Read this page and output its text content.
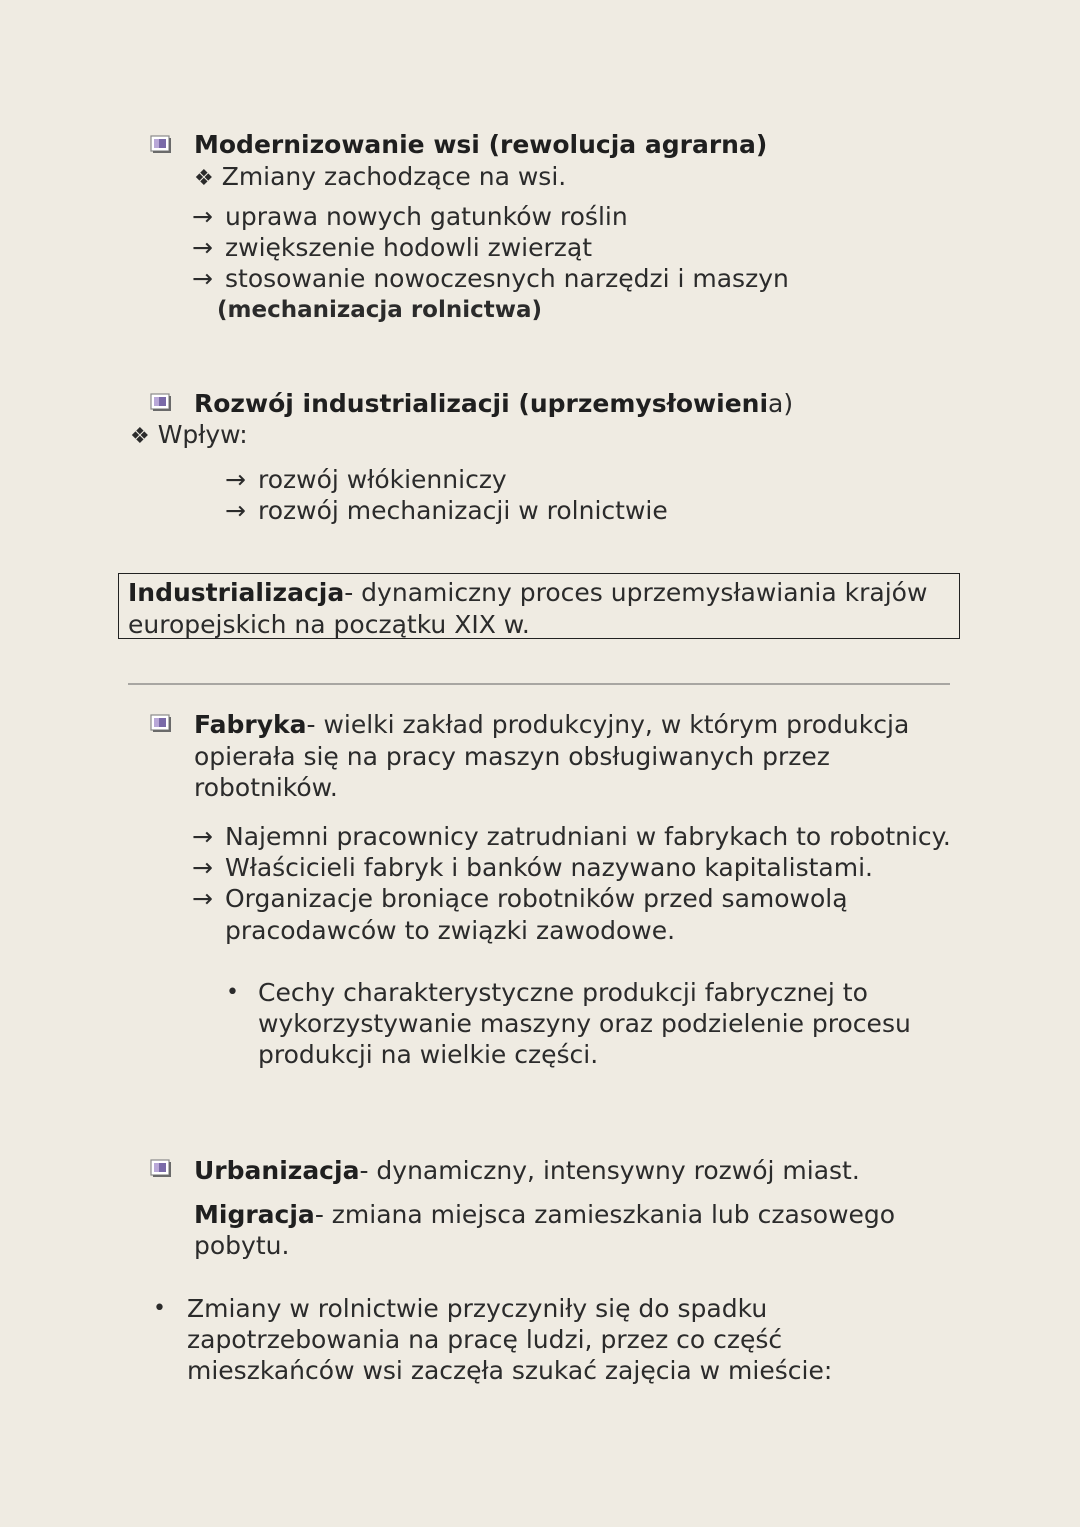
Modernizowanie wsi (rewolucja agrarna)
❖ Zmiany zachodzące na wsi.
→ uprawa nowych gatunków roślin
→ zwiększenie hodowli zwierząt
→ stosowanie nowoczesnych narzędzi i maszyn
(mechanizacja rolnictwa)
Rozwój industrializacji (uprzemysłowienia)
❖ Wpływ:
→ rozwój włókienniczy
→ rozwój mechanizacji w rolnictwie
Industrializacja- dynamiczny proces uprzemysławiania krajów
europejskich na początku XIX w.
Fabryka- wielki zakład produkcyjny, w którym produkcja
opierała się na pracy maszyn obsługiwanych przez
robotników.
→ Najemni pracownicy zatrudniani w fabrykach to robotnicy.
→ Właścicieli fabryk i banków nazywano kapitalistami.
→ Organizacje broniące robotników przed samowolą
pracodawców to związki zawodowe.
• Cechy charakterystyczne produkcji fabrycznej to
wykorzystywanie maszyny oraz podzielenie procesu
produkcji na wielkie części.
Urbanizacja- dynamiczny, intensywny rozwój miast.
Migracja- zmiana miejsca zamieszkania lub czasowego
pobytu.
• Zmiany w rolnictwie przyczyniły się do spadku
zapotrzebowania na pracę ludzi, przez co część
mieszkańców wsi zaczęła szukać zajęcia w mieście:
